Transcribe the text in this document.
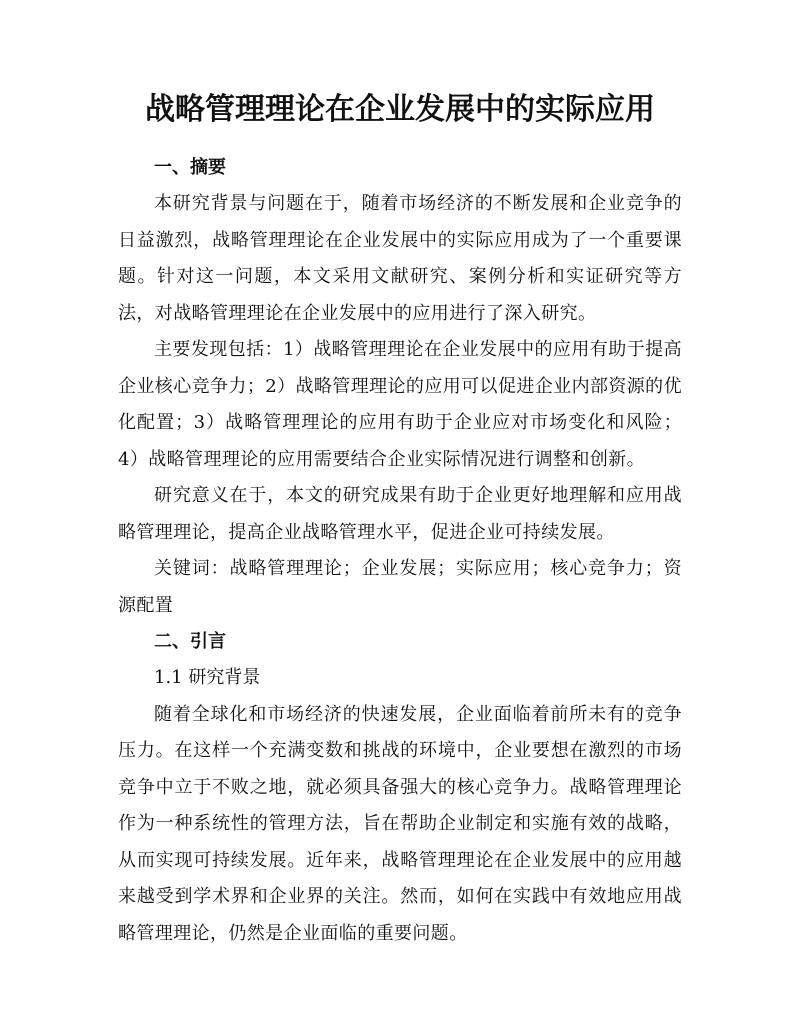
战略管理理论在企业发展中的实际应用

一、摘要

本研究背景与问题在于，随着市场经济的不断发展和企业竞争的日益激烈，战略管理理论在企业发展中的实际应用成为了一个重要课题。针对这一问题，本文采用文献研究、案例分析和实证研究等方法，对战略管理理论在企业发展中的应用进行了深入研究。

主要发现包括：1）战略管理理论在企业发展中的应用有助于提高企业核心竞争力；2）战略管理理论的应用可以促进企业内部资源的优化配置；3）战略管理理论的应用有助于企业应对市场变化和风险；4）战略管理理论的应用需要结合企业实际情况进行调整和创新。

研究意义在于，本文的研究成果有助于企业更好地理解和应用战略管理理论，提高企业战略管理水平，促进企业可持续发展。

关键词：战略管理理论；企业发展；实际应用；核心竞争力；资源配置

二、引言

1.1 研究背景

随着全球化和市场经济的快速发展，企业面临着前所未有的竞争压力。在这样一个充满变数和挑战的环境中，企业要想在激烈的市场竞争中立于不败之地，就必须具备强大的核心竞争力。战略管理理论作为一种系统性的管理方法，旨在帮助企业制定和实施有效的战略，从而实现可持续发展。近年来，战略管理理论在企业发展中的应用越来越受到学术界和企业界的关注。然而，如何在实践中有效地应用战略管理理论，仍然是企业面临的重要问题。
